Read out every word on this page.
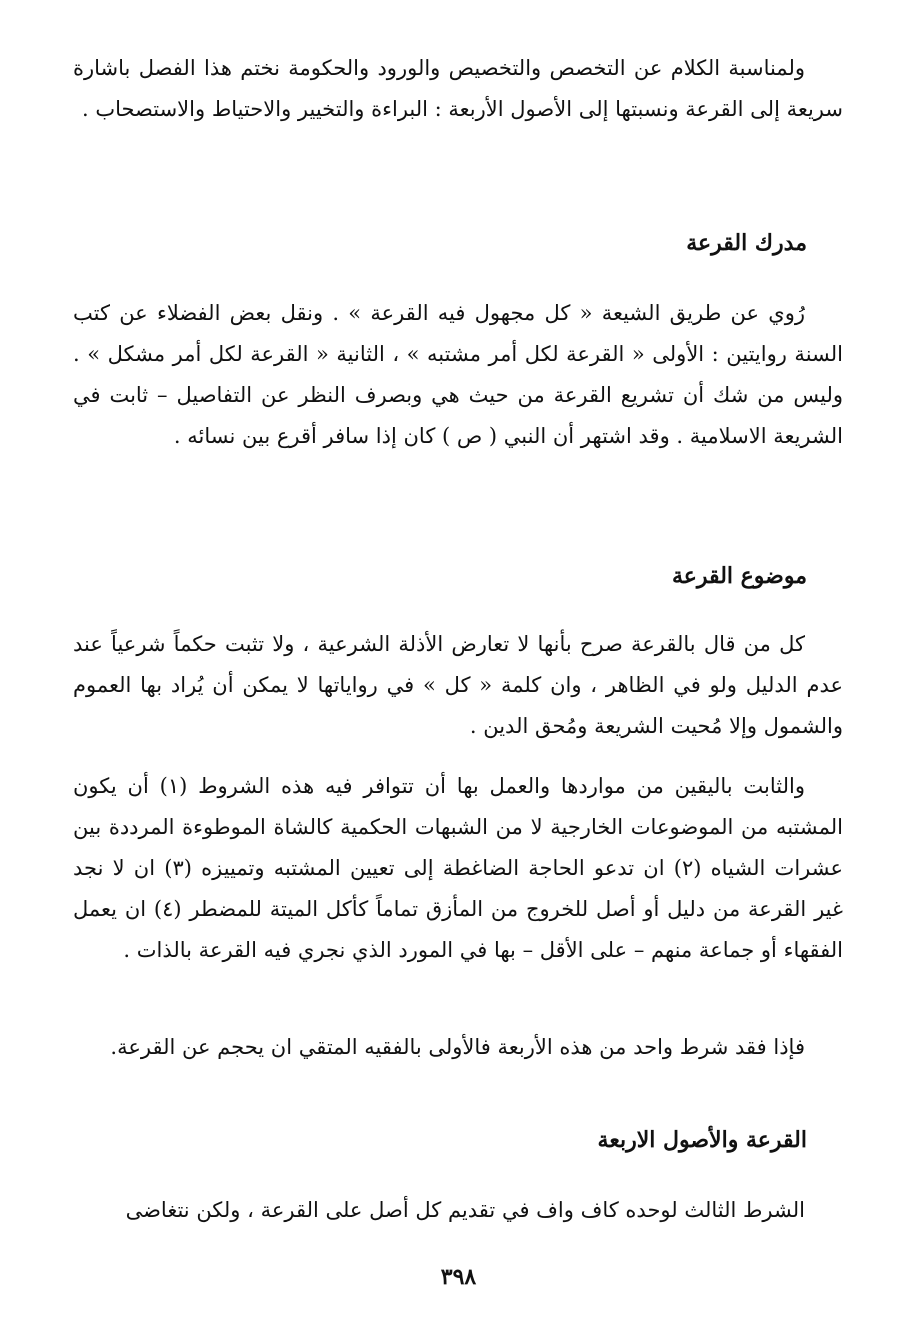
ولمناسبة الكلام عن التخصص والتخصيص والورود والحكومة نختم هذا الفصل باشارة سريعة إلى القرعة ونسبتها إلى الأصول الأربعة : البراءة والتخيير والاحتياط والاستصحاب .

مدرك القرعة

رُوي عن طريق الشيعة « كل مجهول فيه القرعة » . ونقل بعض الفضلاء عن كتب السنة روايتين : الأولى « القرعة لكل أمر مشتبه » ، الثانية « القرعة لكل أمر مشكل » . وليس من شك أن تشريع القرعة من حيث هي وبصرف النظر عن التفاصيل – ثابت في الشريعة الاسلامية . وقد اشتهر أن النبي ( ص ) كان إذا سافر أقرع بين نسائه .

موضوع القرعة

كل من قال بالقرعة صرح بأنها لا تعارض الأذلة الشرعية ، ولا تثبت حكماً شرعياً عند عدم الدليل ولو في الظاهر ، وان كلمة « كل » في رواياتها لا يمكن أن يُراد بها العموم والشمول وإلا مُحيت الشريعة ومُحق الدين .

والثابت باليقين من مواردها والعمل بها أن تتوافر فيه هذه الشروط (١) أن يكون المشتبه من الموضوعات الخارجية لا من الشبهات الحكمية كالشاة الموطوءة المرددة بين عشرات الشياه (٢) ان تدعو الحاجة الضاغطة إلى تعيين المشتبه وتمييزه (٣) ان لا نجد غير القرعة من دليل أو أصل للخروج من المأزق تماماً كأكل الميتة للمضطر (٤) ان يعمل الفقهاء أو جماعة منهم – على الأقل – بها في المورد الذي نجري فيه القرعة بالذات .

فإذا فقد شرط واحد من هذه الأربعة فالأولى بالفقيه المتقي ان يحجم عن القرعة.

القرعة والأصول الاربعة

الشرط الثالث لوحده كاف واف في تقديم كل أصل على القرعة ، ولكن نتغاضى

٣٩٨
